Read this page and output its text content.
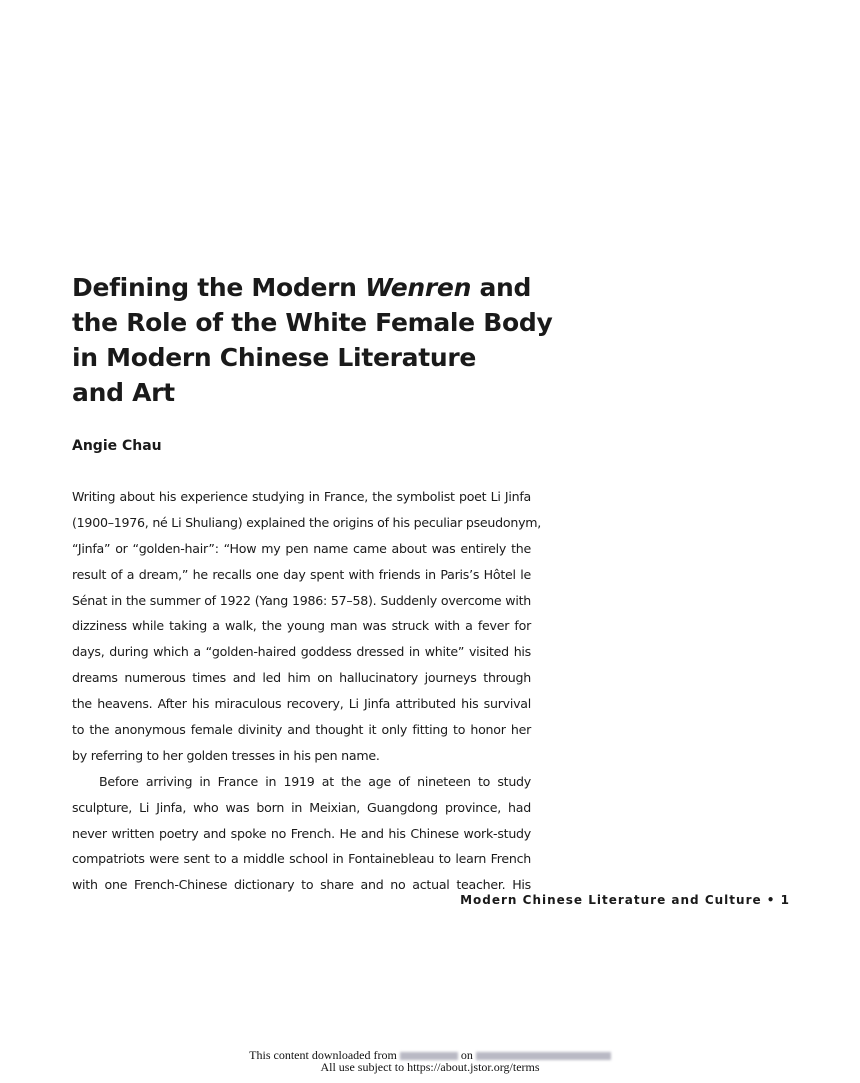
Defining the Modern Wenren and
the Role of the White Female Body
in Modern Chinese Literature
and Art
Angie Chau
Writing about his experience studying in France, the symbolist poet Li Jinfa
(1900–1976, né Li Shuliang) explained the origins of his peculiar pseudonym,
“Jinfa” or “golden-hair”: “How my pen name came about was entirely the
result of a dream,” he recalls one day spent with friends in Paris’s Hôtel le
Sénat in the summer of 1922 (Yang 1986: 57–58). Suddenly overcome with
dizziness while taking a walk, the young man was struck with a fever for
days, during which a “golden-haired goddess dressed in white” visited his
dreams numerous times and led him on hallucinatory journeys through
the heavens. After his miraculous recovery, Li Jinfa attributed his survival
to the anonymous female divinity and thought it only fitting to honor her
by referring to her golden tresses in his pen name.
Before arriving in France in 1919 at the age of nineteen to study
sculpture, Li Jinfa, who was born in Meixian, Guangdong province, had
never written poetry and spoke no French. He and his Chinese work-study
compatriots were sent to a middle school in Fontainebleau to learn French
with one French-Chinese dictionary to share and no actual teacher. His
Modern Chinese Literature and Culture • 1
This content downloaded from	on
All use subject to https://about.jstor.org/terms
